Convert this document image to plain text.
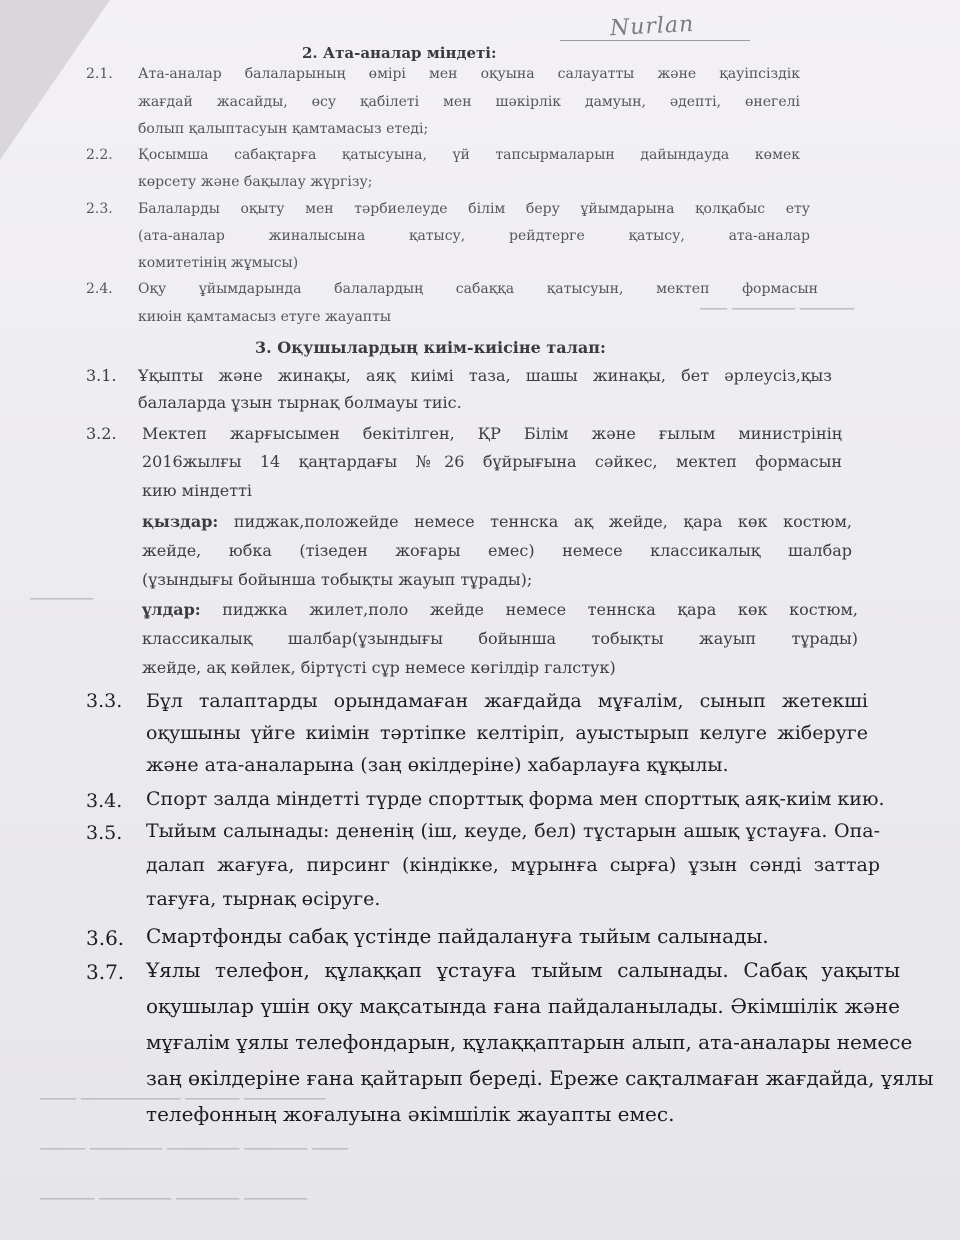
─── ─────── ──────
───────
──── ─────────── ────── ─────────
───── ──────── ──────── ─────── ────
────── ──────── ─────── ───────
Nurlan
2. Ата-аналар міндеті:
2.1. Ата-аналар балаларының өмірі мен оқуына салауатты және қауіпсіздік
жағдай жасайды, өсу қабілеті мен шәкірлік дамуын, әдепті, өнегелі
болып қалыптасуын қамтамасыз етеді;
2.2. Қосымша сабақтарға қатысуына, үй тапсырмаларын дайындауда көмек
көрсету және бақылау жүргізу;
2.3. Балаларды оқыту мен тәрбиелеуде білім беру ұйымдарына қолқабыс ету
(ата-аналар жиналысына қатысу, рейдтерге қатысу, ата-аналар
комитетінің жұмысы)
2.4. Оқу ұйымдарында балалардың сабаққа қатысуын, мектеп формасын
киюін қамтамасыз етуге жауапты
3. Оқушылардың киім-киісіне талап:
3.1. Ұқыпты және жинақы, аяқ киімі таза, шашы жинақы, бет әрлеусіз,қыз
балаларда ұзын тырнақ болмауы тиіс.
3.2. Мектеп жарғысымен бекітілген, ҚР Білім және ғылым министрінің
2016жылғы 14 қаңтардағы №26 бұйрығына сәйкес, мектеп формасын
кию міндетті
қыздар: пиджак,положейде немесе теннска ақ жейде, қара көк костюм,
жейде, юбка (тізеден жоғары емес) немесе классикалық шалбар
(ұзындығы бойынша тобықты жауып тұрады);
ұлдар: пиджка жилет,поло жейде немесе теннска қара көк костюм,
классикалық шалбар(ұзындығы бойынша тобықты жауып тұрады)
жейде, ақ көйлек, біртүсті сұр немесе көгілдір галстук)
3.3. Бұл талаптарды орындамаған жағдайда мұғалім, сынып жетекші
оқушыны үйге киімін тәртіпке келтіріп, ауыстырып келуге жіберуге
және ата-аналарына (заң өкілдеріне) хабарлауға құқылы.
3.4. Спорт залда міндетті түрде спорттық форма мен спорттық аяқ-киім кию.
3.5. Тыйым салынады: дененің (іш, кеуде, бел) тұстарын ашық ұстауға. Опа-
далап жағуға, пирсинг (кіндікке, мұрынға сырға) ұзын сәнді заттар
тағуға, тырнақ өсіруге.
3.6. Смартфонды сабақ үстінде пайдалануға тыйым салынады.
3.7. Ұялы телефон, құлаққап ұстауға тыйым салынады. Сабақ уақыты
оқушылар үшін оқу мақсатында ғана пайдаланылады. Әкімшілік және
мұғалім ұялы телефондарын, құлаққаптарын алып, ата-аналары немесе
заң өкілдеріне ғана қайтарып береді. Ереже сақталмаған жағдайда, ұялы
телефонның жоғалуына әкімшілік жауапты емес.
